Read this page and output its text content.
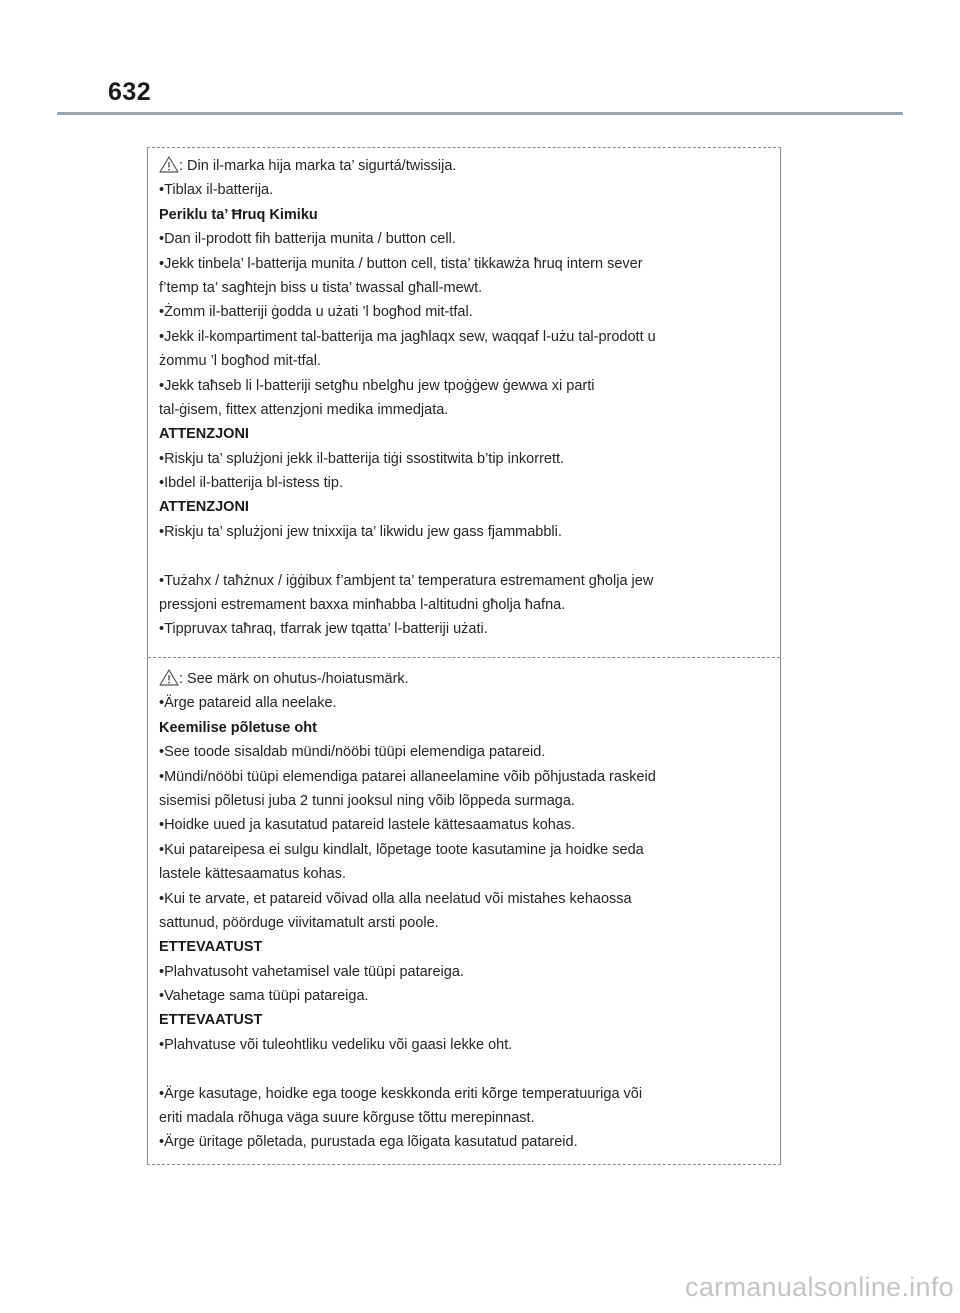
632
: Din il-marka hija marka ta’ sigurtá/twissija.
•Tiblax il-batterija.
Periklu ta’ Ħruq Kimiku
•Dan il-prodott fih batterija munita / button cell.
•Jekk tinbela’ l-batterija munita / button cell, tista’ tikkawża ħruq intern sever
f’temp ta’ sagħtejn biss u tista’ twassal għall-mewt.
•Żomm il-batteriji ġodda u użati ’l bogħod mit-tfal.
•Jekk il-kompartiment tal-batterija ma jagħlaqx sew, waqqaf l-użu tal-prodott u
żommu ’l bogħod mit-tfal.
•Jekk taħseb li l-batteriji setgħu nbelgħu jew tpoġġew ġewwa xi parti
tal-ġisem, fittex attenzjoni medika immedjata.
ATTENZJONI
•Riskju ta’ splużjoni jekk il-batterija tiġi ssostitwita b’tip inkorrett.
•Ibdel il-batterija bl-istess tip.
ATTENZJONI
•Riskju ta’ splużjoni jew tnixxija ta’ likwidu jew gass fjammabbli.
•Tużahx / taħżnux / iġġibux f’ambjent ta’ temperatura estremament għolja jew
pressjoni estremament baxxa minħabba l-altitudni għolja ħafna.
•Tippruvax taħraq, tfarrak jew tqatta’ l-batteriji użati.
: See märk on ohutus-/hoiatusmärk.
•Ärge patareid alla neelake.
Keemilise põletuse oht
•See toode sisaldab mündi/nööbi tüüpi elemendiga patareid.
•Mündi/nööbi tüüpi elemendiga patarei allaneelamine võib põhjustada raskeid
sisemisi põletusi juba 2 tunni jooksul ning võib lõppeda surmaga.
•Hoidke uued ja kasutatud patareid lastele kättesaamatus kohas.
•Kui patareipesa ei sulgu kindlalt, lõpetage toote kasutamine ja hoidke seda
lastele kättesaamatus kohas.
•Kui te arvate, et patareid võivad olla alla neelatud või mistahes kehaossa
sattunud, pöörduge viivitamatult arsti poole.
ETTEVAATUST
•Plahvatusoht vahetamisel vale tüüpi patareiga.
•Vahetage sama tüüpi patareiga.
ETTEVAATUST
•Plahvatuse või tuleohtliku vedeliku või gaasi lekke oht.
•Ärge kasutage, hoidke ega tooge keskkonda eriti kõrge temperatuuriga või
eriti madala rõhuga väga suure kõrguse tõttu merepinnast.
•Ärge üritage põletada, purustada ega lõigata kasutatud patareid.
carmanualsonline.info
